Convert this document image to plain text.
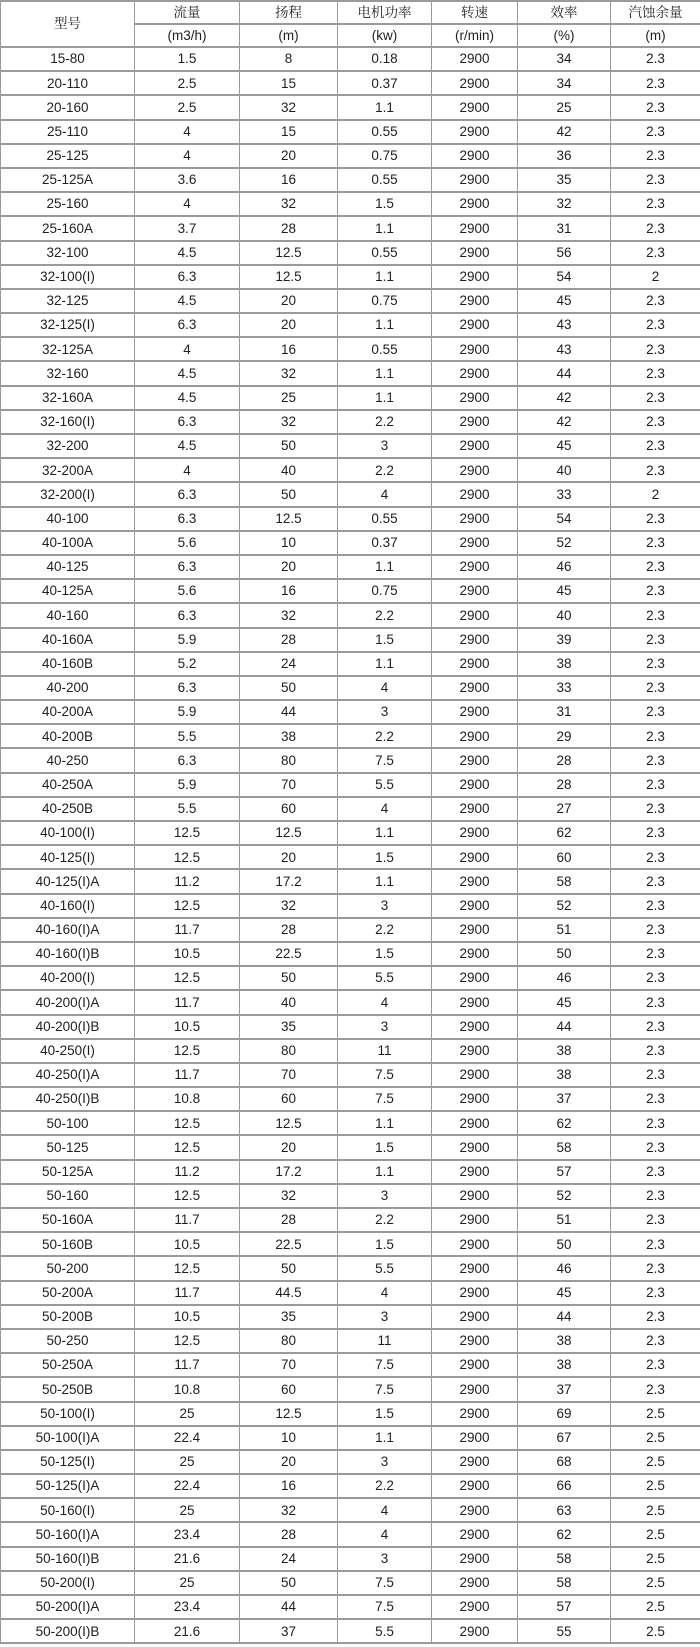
型号	流量	扬程	电机功率	转速	效率	汽蚀余量
	(m3/h)	(m)	(kw)	(r/min)	(%)	(m)
15-80	1.5	8	0.18	2900	34	2.3
20-110	2.5	15	0.37	2900	34	2.3
20-160	2.5	32	1.1	2900	25	2.3
25-110	4	15	0.55	2900	42	2.3
25-125	4	20	0.75	2900	36	2.3
25-125A	3.6	16	0.55	2900	35	2.3
25-160	4	32	1.5	2900	32	2.3
25-160A	3.7	28	1.1	2900	31	2.3
32-100	4.5	12.5	0.55	2900	56	2.3
32-100(I)	6.3	12.5	1.1	2900	54	2
32-125	4.5	20	0.75	2900	45	2.3
32-125(I)	6.3	20	1.1	2900	43	2.3
32-125A	4	16	0.55	2900	43	2.3
32-160	4.5	32	1.1	2900	44	2.3
32-160A	4.5	25	1.1	2900	42	2.3
32-160(I)	6.3	32	2.2	2900	42	2.3
32-200	4.5	50	3	2900	45	2.3
32-200A	4	40	2.2	2900	40	2.3
32-200(I)	6.3	50	4	2900	33	2
40-100	6.3	12.5	0.55	2900	54	2.3
40-100A	5.6	10	0.37	2900	52	2.3
40-125	6.3	20	1.1	2900	46	2.3
40-125A	5.6	16	0.75	2900	45	2.3
40-160	6.3	32	2.2	2900	40	2.3
40-160A	5.9	28	1.5	2900	39	2.3
40-160B	5.2	24	1.1	2900	38	2.3
40-200	6.3	50	4	2900	33	2.3
40-200A	5.9	44	3	2900	31	2.3
40-200B	5.5	38	2.2	2900	29	2.3
40-250	6.3	80	7.5	2900	28	2.3
40-250A	5.9	70	5.5	2900	28	2.3
40-250B	5.5	60	4	2900	27	2.3
40-100(I)	12.5	12.5	1.1	2900	62	2.3
40-125(I)	12.5	20	1.5	2900	60	2.3
40-125(I)A	11.2	17.2	1.1	2900	58	2.3
40-160(I)	12.5	32	3	2900	52	2.3
40-160(I)A	11.7	28	2.2	2900	51	2.3
40-160(I)B	10.5	22.5	1.5	2900	50	2.3
40-200(I)	12.5	50	5.5	2900	46	2.3
40-200(I)A	11.7	40	4	2900	45	2.3
40-200(I)B	10.5	35	3	2900	44	2.3
40-250(I)	12.5	80	11	2900	38	2.3
40-250(I)A	11.7	70	7.5	2900	38	2.3
40-250(I)B	10.8	60	7.5	2900	37	2.3
50-100	12.5	12.5	1.1	2900	62	2.3
50-125	12.5	20	1.5	2900	58	2.3
50-125A	11.2	17.2	1.1	2900	57	2.3
50-160	12.5	32	3	2900	52	2.3
50-160A	11.7	28	2.2	2900	51	2.3
50-160B	10.5	22.5	1.5	2900	50	2.3
50-200	12.5	50	5.5	2900	46	2.3
50-200A	11.7	44.5	4	2900	45	2.3
50-200B	10.5	35	3	2900	44	2.3
50-250	12.5	80	11	2900	38	2.3
50-250A	11.7	70	7.5	2900	38	2.3
50-250B	10.8	60	7.5	2900	37	2.3
50-100(I)	25	12.5	1.5	2900	69	2.5
50-100(I)A	22.4	10	1.1	2900	67	2.5
50-125(I)	25	20	3	2900	68	2.5
50-125(I)A	22.4	16	2.2	2900	66	2.5
50-160(I)	25	32	4	2900	63	2.5
50-160(I)A	23.4	28	4	2900	62	2.5
50-160(I)B	21.6	24	3	2900	58	2.5
50-200(I)	25	50	7.5	2900	58	2.5
50-200(I)A	23.4	44	7.5	2900	57	2.5
50-200(I)B	21.6	37	5.5	2900	55	2.5
